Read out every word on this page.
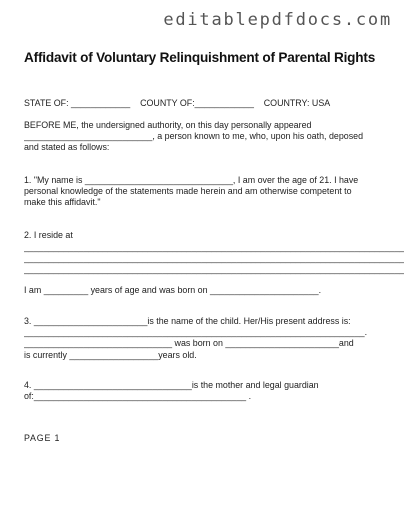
editablepdfdocs.com
Affidavit of Voluntary Relinquishment of Parental Rights
STATE OF: ____________    COUNTY OF:____________    COUNTRY: USA
BEFORE ME, the undersigned authority, on this day personally appeared
__________________________, a person known to me, who, upon his oath, deposed
and stated as follows:
1. "My name is ______________________________, I am over the age of 21. I have
personal knowledge of the statements made herein and am otherwise competent to
make this affidavit."
2. I reside at
_____________________________________________________________________________
_____________________________________________________________________________
_____________________________________________________________________________
I am _________ years of age and was born on ______________________.
3. _______________________is the name of the child. Her/His present address is:
_____________________________________________________________________.
______________________________ was born on _______________________and
is currently __________________years old.
4. ________________________________is the mother and legal guardian
of:___________________________________________ .
PAGE 1
